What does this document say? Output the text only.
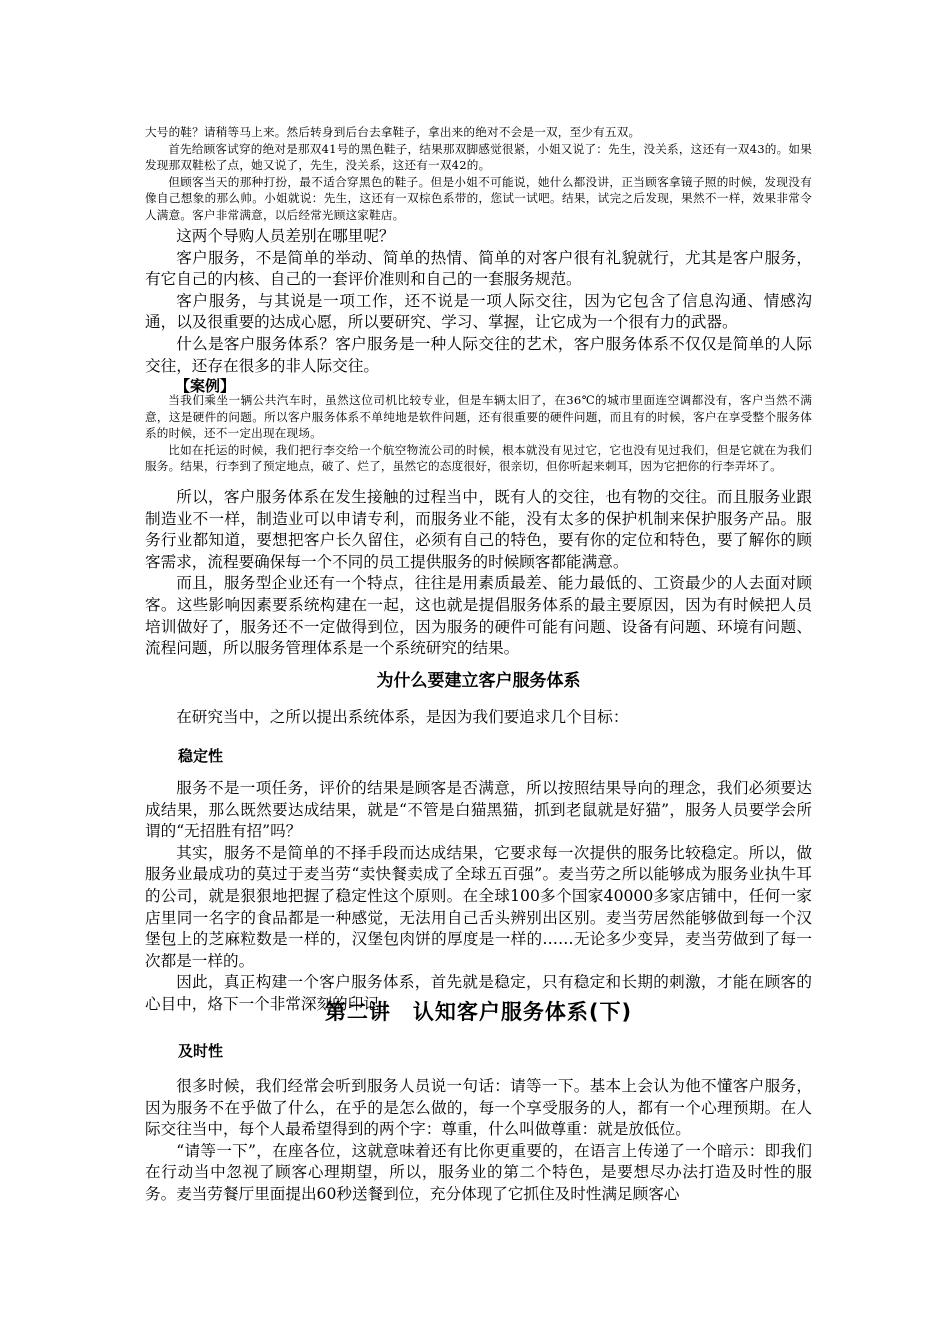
大号的鞋？请稍等马上来。然后转身到后台去拿鞋子，拿出来的绝对不会是一双，至少有五双。

首先给顾客试穿的绝对是那双41号的黑色鞋子，结果那双脚感觉很紧，小姐又说了：先生，没关系，这还有一双43的。如果发现那双鞋松了点，她又说了，先生，没关系，这还有一双42的。

但顾客当天的那种打扮，最不适合穿黑色的鞋子。但是小姐不可能说，她什么都没讲，正当顾客拿镜子照的时候，发现没有像自己想象的那么帅。小姐就说：先生，这还有一双棕色系带的，您试一试吧。结果，试完之后发现，果然不一样，效果非常令人满意。客户非常满意，以后经常光顾这家鞋店。

这两个导购人员差别在哪里呢？

客户服务，不是简单的举动、简单的热情、简单的对客户很有礼貌就行，尤其是客户服务，有它自己的内核、自己的一套评价准则和自己的一套服务规范。

客户服务，与其说是一项工作，还不说是一项人际交往，因为它包含了信息沟通、情感沟通，以及很重要的达成心愿，所以要研究、学习、掌握，让它成为一个很有力的武器。

什么是客户服务体系？客户服务是一种人际交往的艺术，客户服务体系不仅仅是简单的人际交往，还存在很多的非人际交往。

【案例】

当我们乘坐一辆公共汽车时，虽然这位司机比较专业，但是车辆太旧了，在36℃的城市里面连空调都没有，客户当然不满意，这是硬件的问题。所以客户服务体系不单纯地是软件问题，还有很重要的硬件问题，而且有的时候，客户在享受整个服务体系的时候，还不一定出现在现场。

比如在托运的时候，我们把行李交给一个航空物流公司的时候，根本就没有见过它，它也没有见过我们，但是它就在为我们服务。结果，行李到了预定地点，破了、烂了，虽然它的态度很好，很亲切，但你听起来刺耳，因为它把你的行李弄坏了。

所以，客户服务体系在发生接触的过程当中，既有人的交往，也有物的交往。而且服务业跟制造业不一样，制造业可以申请专利，而服务业不能，没有太多的保护机制来保护服务产品。服务行业都知道，要想把客户长久留住，必须有自己的特色，要有你的定位和特色，要了解你的顾客需求，流程要确保每一个不同的员工提供服务的时候顾客都能满意。

而且，服务型企业还有一个特点，往往是用素质最差、能力最低的、工资最少的人去面对顾客。这些影响因素要系统构建在一起，这也就是提倡服务体系的最主要原因，因为有时候把人员培训做好了，服务还不一定做得到位，因为服务的硬件可能有问题、设备有问题、环境有问题、流程问题，所以服务管理体系是一个系统研究的结果。

为什么要建立客户服务体系

在研究当中，之所以提出系统体系，是因为我们要追求几个目标：

稳定性

服务不是一项任务，评价的结果是顾客是否满意，所以按照结果导向的理念，我们必须要达成结果，那么既然要达成结果，就是“不管是白猫黑猫，抓到老鼠就是好猫”，服务人员要学会所谓的“无招胜有招”吗？

其实，服务不是简单的不择手段而达成结果，它要求每一次提供的服务比较稳定。所以，做服务业最成功的莫过于麦当劳“卖快餐卖成了全球五百强”。麦当劳之所以能够成为服务业执牛耳的公司，就是狠狠地把握了稳定性这个原则。在全球100多个国家40000多家店铺中，任何一家店里同一名字的食品都是一种感觉，无法用自己舌头辨别出区别。麦当劳居然能够做到每一个汉堡包上的芝麻粒数是一样的，汉堡包肉饼的厚度是一样的……无论多少变异，麦当劳做到了每一次都是一样的。

因此，真正构建一个客户服务体系，首先就是稳定，只有稳定和长期的刺激，才能在顾客的心目中，烙下一个非常深刻的印记。

第二讲　认知客户服务体系(下)
及时性

很多时候，我们经常会听到服务人员说一句话：请等一下。基本上会认为他不懂客户服务，因为服务不在乎做了什么，在乎的是怎么做的，每一个享受服务的人，都有一个心理预期。在人际交往当中，每个人最希望得到的两个字：尊重，什么叫做尊重：就是放低位。

“请等一下”，在座各位，这就意味着还有比你更重要的，在语言上传递了一个暗示：即我们在行动当中忽视了顾客心理期望，所以，服务业的第二个特色，是要想尽办法打造及时性的服务。麦当劳餐厅里面提出60秒送餐到位，充分体现了它抓住及时性满足顾客心
